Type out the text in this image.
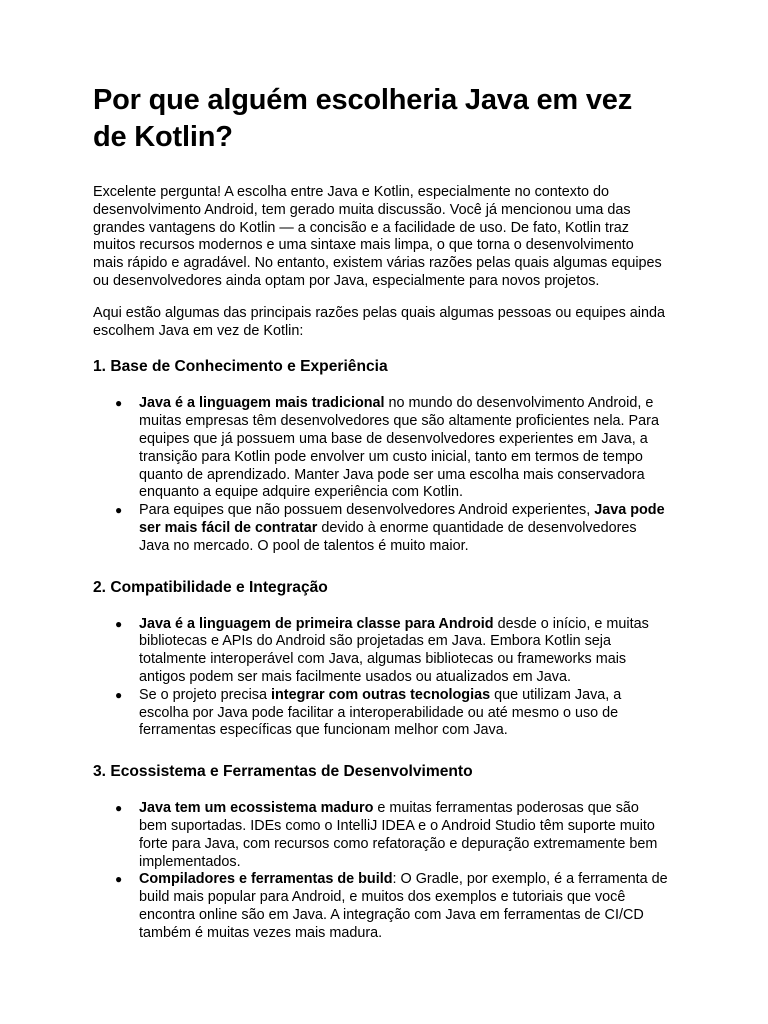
Por que alguém escolheria Java em vez de Kotlin?

Excelente pergunta! A escolha entre Java e Kotlin, especialmente no contexto do desenvolvimento Android, tem gerado muita discussão. Você já mencionou uma das grandes vantagens do Kotlin — a concisão e a facilidade de uso. De fato, Kotlin traz muitos recursos modernos e uma sintaxe mais limpa, o que torna o desenvolvimento mais rápido e agradável. No entanto, existem várias razões pelas quais algumas equipes ou desenvolvedores ainda optam por Java, especialmente para novos projetos.

Aqui estão algumas das principais razões pelas quais algumas pessoas ou equipes ainda escolhem Java em vez de Kotlin:

1. Base de Conhecimento e Experiência
● Java é a linguagem mais tradicional no mundo do desenvolvimento Android, e muitas empresas têm desenvolvedores que são altamente proficientes nela. Para equipes que já possuem uma base de desenvolvedores experientes em Java, a transição para Kotlin pode envolver um custo inicial, tanto em termos de tempo quanto de aprendizado. Manter Java pode ser uma escolha mais conservadora enquanto a equipe adquire experiência com Kotlin.
● Para equipes que não possuem desenvolvedores Android experientes, Java pode ser mais fácil de contratar devido à enorme quantidade de desenvolvedores Java no mercado. O pool de talentos é muito maior.
2. Compatibilidade e Integração
● Java é a linguagem de primeira classe para Android desde o início, e muitas bibliotecas e APIs do Android são projetadas em Java. Embora Kotlin seja totalmente interoperável com Java, algumas bibliotecas ou frameworks mais antigos podem ser mais facilmente usados ou atualizados em Java.
● Se o projeto precisa integrar com outras tecnologias que utilizam Java, a escolha por Java pode facilitar a interoperabilidade ou até mesmo o uso de ferramentas específicas que funcionam melhor com Java.
3. Ecossistema e Ferramentas de Desenvolvimento
● Java tem um ecossistema maduro e muitas ferramentas poderosas que são bem suportadas. IDEs como o IntelliJ IDEA e o Android Studio têm suporte muito forte para Java, com recursos como refatoração e depuração extremamente bem implementados.
● Compiladores e ferramentas de build: O Gradle, por exemplo, é a ferramenta de build mais popular para Android, e muitos dos exemplos e tutoriais que você encontra online são em Java. A integração com Java em ferramentas de CI/CD também é muitas vezes mais madura.
